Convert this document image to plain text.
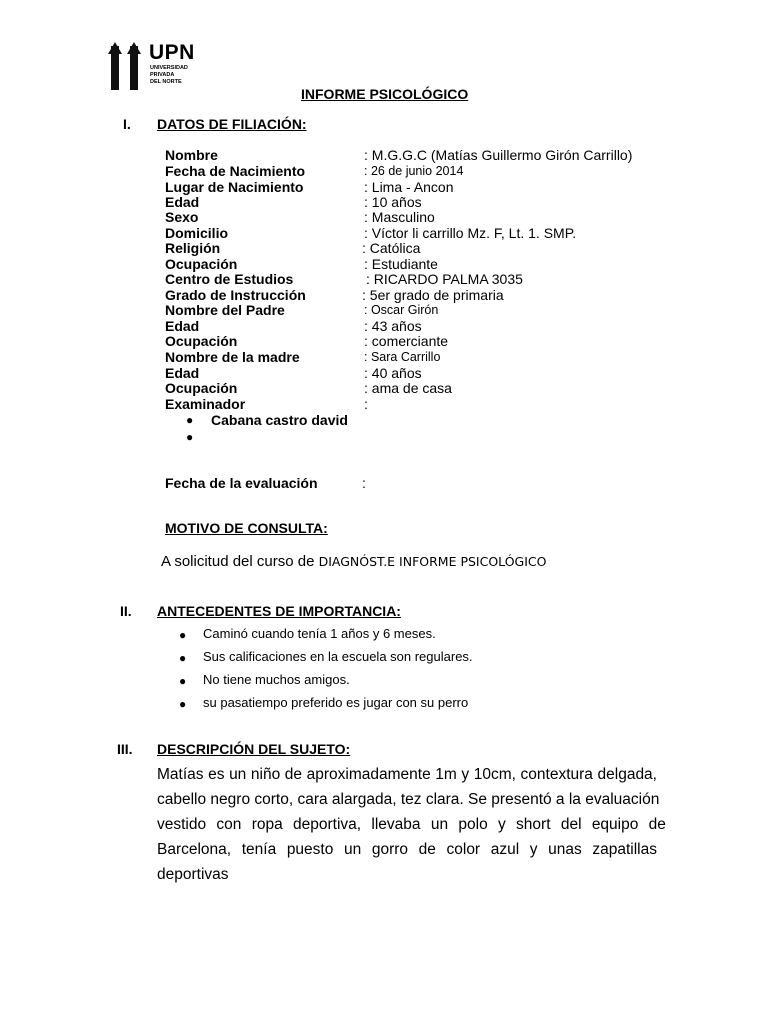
UPN
UNIVERSIDAD
PRIVADA
DEL NORTE
INFORME PSICOLÓGICO
I. DATOS DE FILIACIÓN:
Nombre	: M.G.G.C (Matías Guillermo Girón Carrillo)
Fecha de Nacimiento	: 26 de junio 2014
Lugar de Nacimiento	: Lima - Ancon
Edad	: 10 años
Sexo	: Masculino
Domicilio	: Víctor li carrillo Mz. F, Lt. 1. SMP.
Religión	: Católica
Ocupación	: Estudiante
Centro de Estudios	: RICARDO PALMA 3035
Grado de Instrucción	: 5er grado de primaria
Nombre del Padre	: Oscar Girón
Edad	: 43 años
Ocupación	: comerciante
Nombre de la madre	: Sara Carrillo
Edad	: 40 años
Ocupación	: ama de casa
Examinador	:
● Cabana castro david
●
Fecha de la evaluación	:
MOTIVO DE CONSULTA:
A solicitud del curso de DIAGNÓST.E INFORME PSICOLÓGICO
II. ANTECEDENTES DE IMPORTANCIA:
● Caminó cuando tenía 1 años y 6 meses.
● Sus calificaciones en la escuela son regulares.
● No tiene muchos amigos.
● su pasatiempo preferido es jugar con su perro
III. DESCRIPCIÓN DEL SUJETO:
Matías es un niño de aproximadamente 1m y 10cm, contextura delgada,
cabello negro corto, cara alargada, tez clara. Se presentó a la evaluación
vestido con ropa deportiva, llevaba un polo y short del equipo de
Barcelona, tenía puesto un gorro de color azul y unas zapatillas
deportivas
